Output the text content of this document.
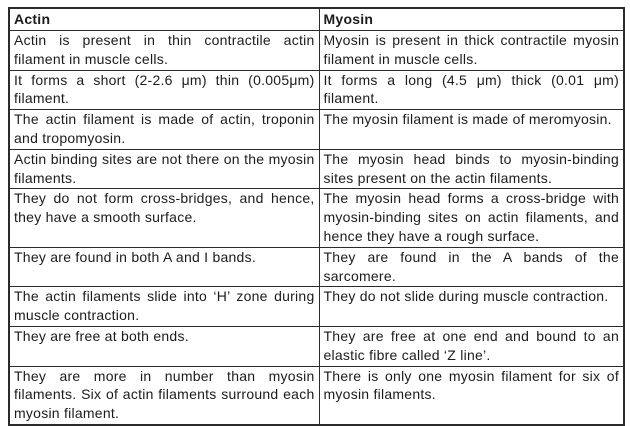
Actin	Myosin
Actin is present in thin contractile actin filament in muscle cells.	Myosin is present in thick contractile myosin filament in muscle cells.
It forms a short (2-2.6 μm) thin (0.005μm) filament.	It forms a long (4.5 μm) thick (0.01 μm) filament.
The actin filament is made of actin, troponin and tropomyosin.	The myosin filament is made of meromyosin.
Actin binding sites are not there on the myosin filaments.	The myosin head binds to myosin-binding sites present on the actin filaments.
They do not form cross-bridges, and hence, they have a smooth surface.	The myosin head forms a cross-bridge with myosin-binding sites on actin filaments, and hence they have a rough surface.
They are found in both A and I bands.	They are found in the A bands of the sarcomere.
The actin filaments slide into ‘H’ zone during muscle contraction.	They do not slide during muscle contraction.
They are free at both ends.	They are free at one end and bound to an elastic fibre called ‘Z line’.
They are more in number than myosin filaments. Six of actin filaments surround each myosin filament.	There is only one myosin filament for six of myosin filaments.
